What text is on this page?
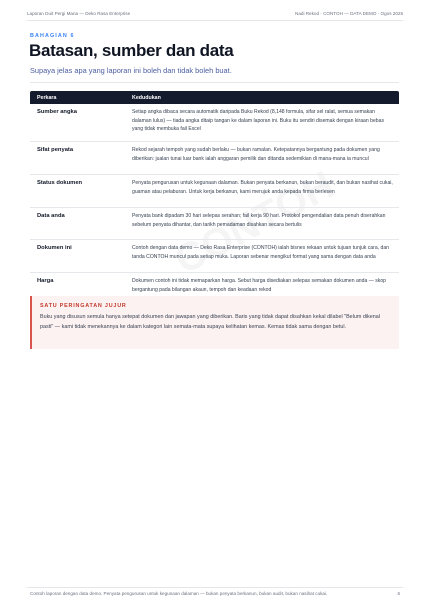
Laporan Duit Pergi Mana — Deko Rasa Enterprise	Nadi Rekod · CONTOH — DATA DEMO · Ogos 2026
BAHAGIAN 6
Batasan, sumber dan data
Supaya jelas apa yang laporan ini boleh dan tidak boleh buat.
Perkara	Kedudukan
Sumber angka	Setiap angka dibaca secara automatik daripada Buku Rekod (8,148 formula, sifar sel ralat, semua semakan dalaman lulus) — tiada angka ditaip tangan ke dalam laporan ini. Buku itu sendiri disemak dengan kiraan bebas yang tidak membuka fail Excel
Sifat penyata	Rekod sejarah tempoh yang sudah berlaku — bukan ramalan. Ketepatannya bergantung pada dokumen yang diberikan: jualan tunai luar bank ialah anggaran pemilik dan ditanda sedemikian di mana-mana ia muncul
Status dokumen	Penyata pengurusan untuk kegunaan dalaman. Bukan penyata berkanun, bukan beraudit, dan bukan nasihat cukai, guaman atau pelaburan. Untuk kerja berkanun, kami merujuk anda kepada firma berlesen
Data anda	Penyata bank dipadam 30 hari selepas serahan; fail kerja 90 hari. Protokol pengendalian data penuh diserahkan sebelum penyata dihantar, dan tarikh pemadaman disahkan secara bertulis
Dokumen ini	Contoh dengan data demo — Deko Rasa Enterprise (CONTOH) ialah bisnes rekaan untuk tujuan tunjuk cara, dan tanda CONTOH muncul pada setiap muka. Laporan sebenar mengikut format yang sama dengan data anda
Harga	Dokumen contoh ini tidak memaparkan harga. Sebut harga disediakan selepas semakan dokumen anda — skop bergantung pada bilangan akaun, tempoh dan keadaan rekod
SATU PERINGATAN JUJUR
Buku yang disusun semula hanya setepat dokumen dan jawapan yang diberikan. Baris yang tidak dapat disahkan kekal dilabel "Belum dikenal pasti" — kami tidak menekannya ke dalam kategori lain semata-mata supaya kelihatan kemas. Kemas tidak sama dengan betul.
Contoh laporan dengan data demo. Penyata pengurusan untuk kegunaan dalaman — bukan penyata berkanun, bukan audit, bukan nasihat cukai.	6
